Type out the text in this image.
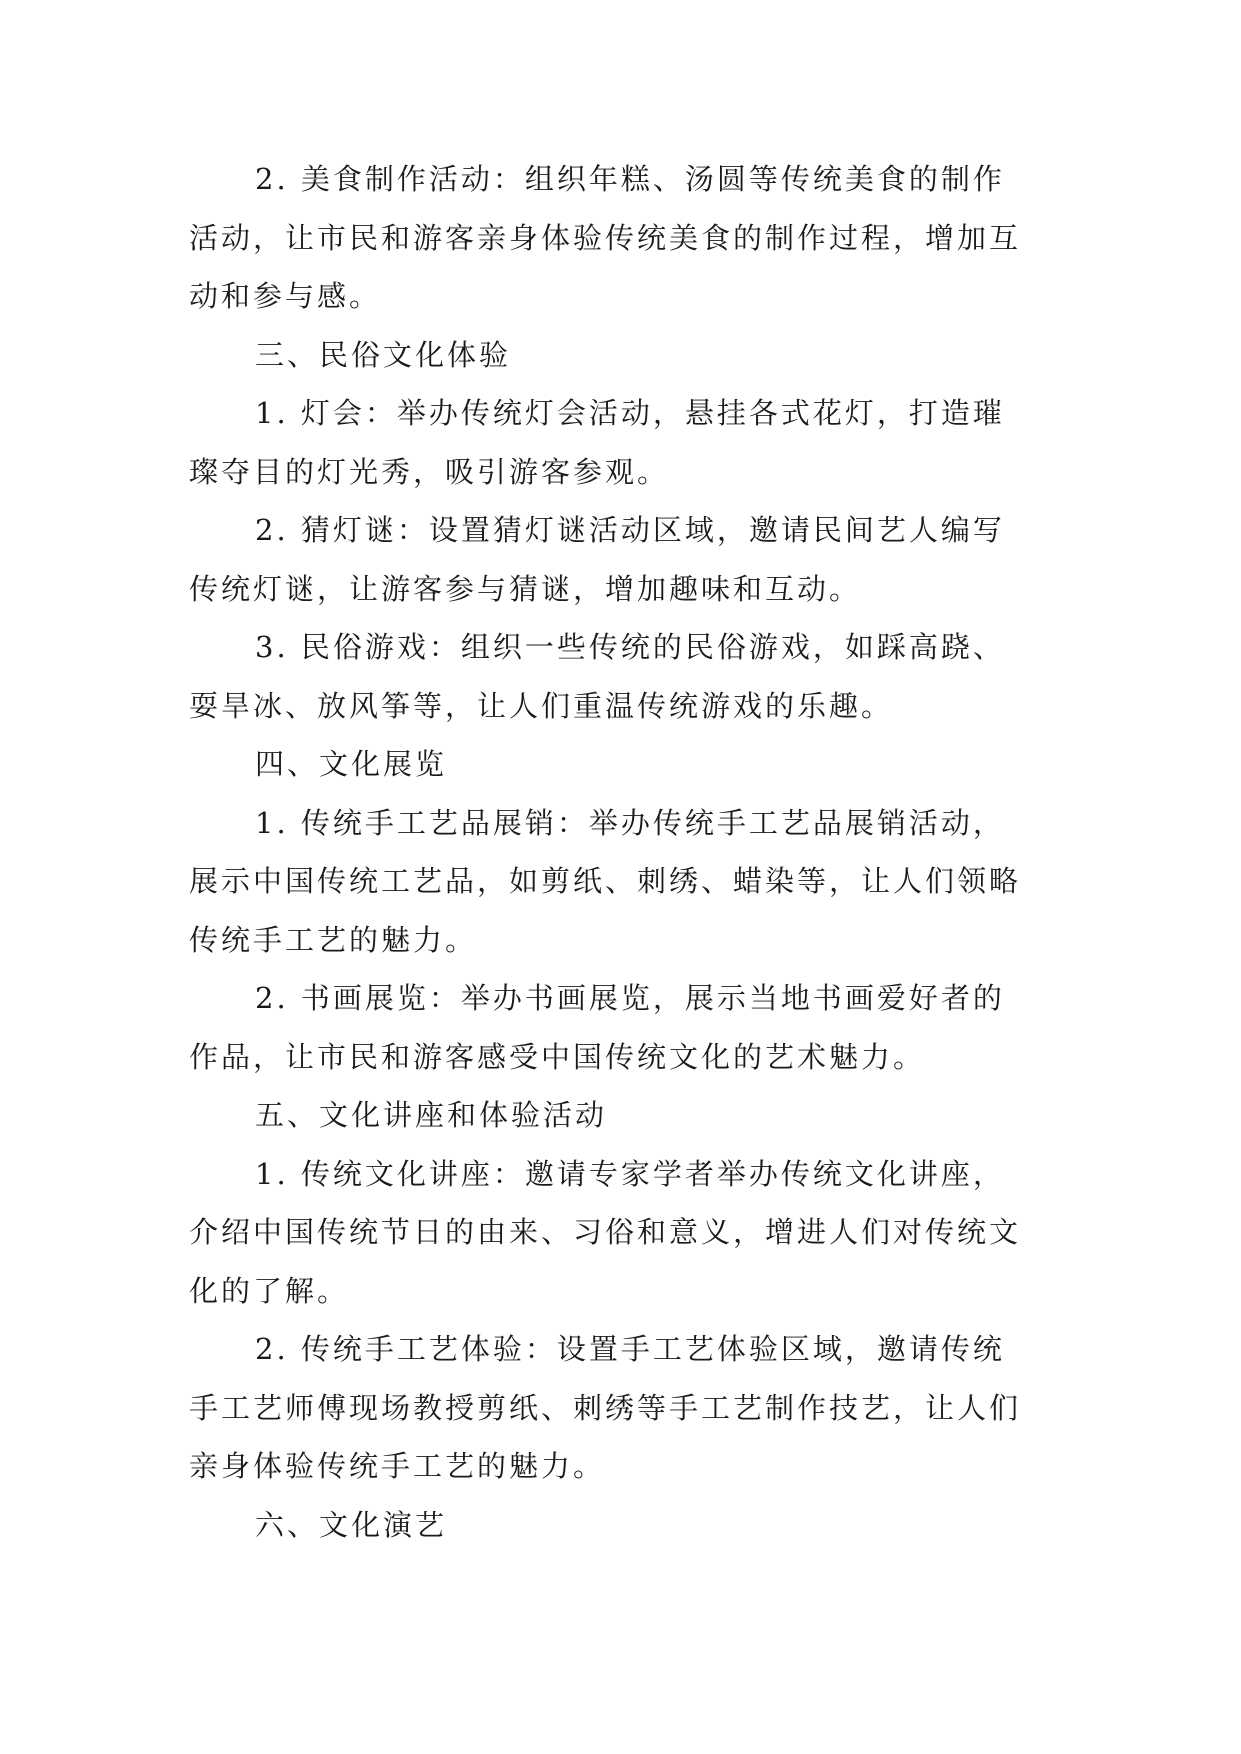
2. 美食制作活动：组织年糕、汤圆等传统美食的制作
活动，让市民和游客亲身体验传统美食的制作过程，增加互
动和参与感。
三、民俗文化体验
1. 灯会：举办传统灯会活动，悬挂各式花灯，打造璀
璨夺目的灯光秀，吸引游客参观。
2. 猜灯谜：设置猜灯谜活动区域，邀请民间艺人编写
传统灯谜，让游客参与猜谜，增加趣味和互动。
3. 民俗游戏：组织一些传统的民俗游戏，如踩高跷、
耍旱冰、放风筝等，让人们重温传统游戏的乐趣。
四、文化展览
1. 传统手工艺品展销：举办传统手工艺品展销活动，
展示中国传统工艺品，如剪纸、刺绣、蜡染等，让人们领略
传统手工艺的魅力。
2. 书画展览：举办书画展览，展示当地书画爱好者的
作品，让市民和游客感受中国传统文化的艺术魅力。
五、文化讲座和体验活动
1. 传统文化讲座：邀请专家学者举办传统文化讲座，
介绍中国传统节日的由来、习俗和意义，增进人们对传统文
化的了解。
2. 传统手工艺体验：设置手工艺体验区域，邀请传统
手工艺师傅现场教授剪纸、刺绣等手工艺制作技艺，让人们
亲身体验传统手工艺的魅力。
六、文化演艺
